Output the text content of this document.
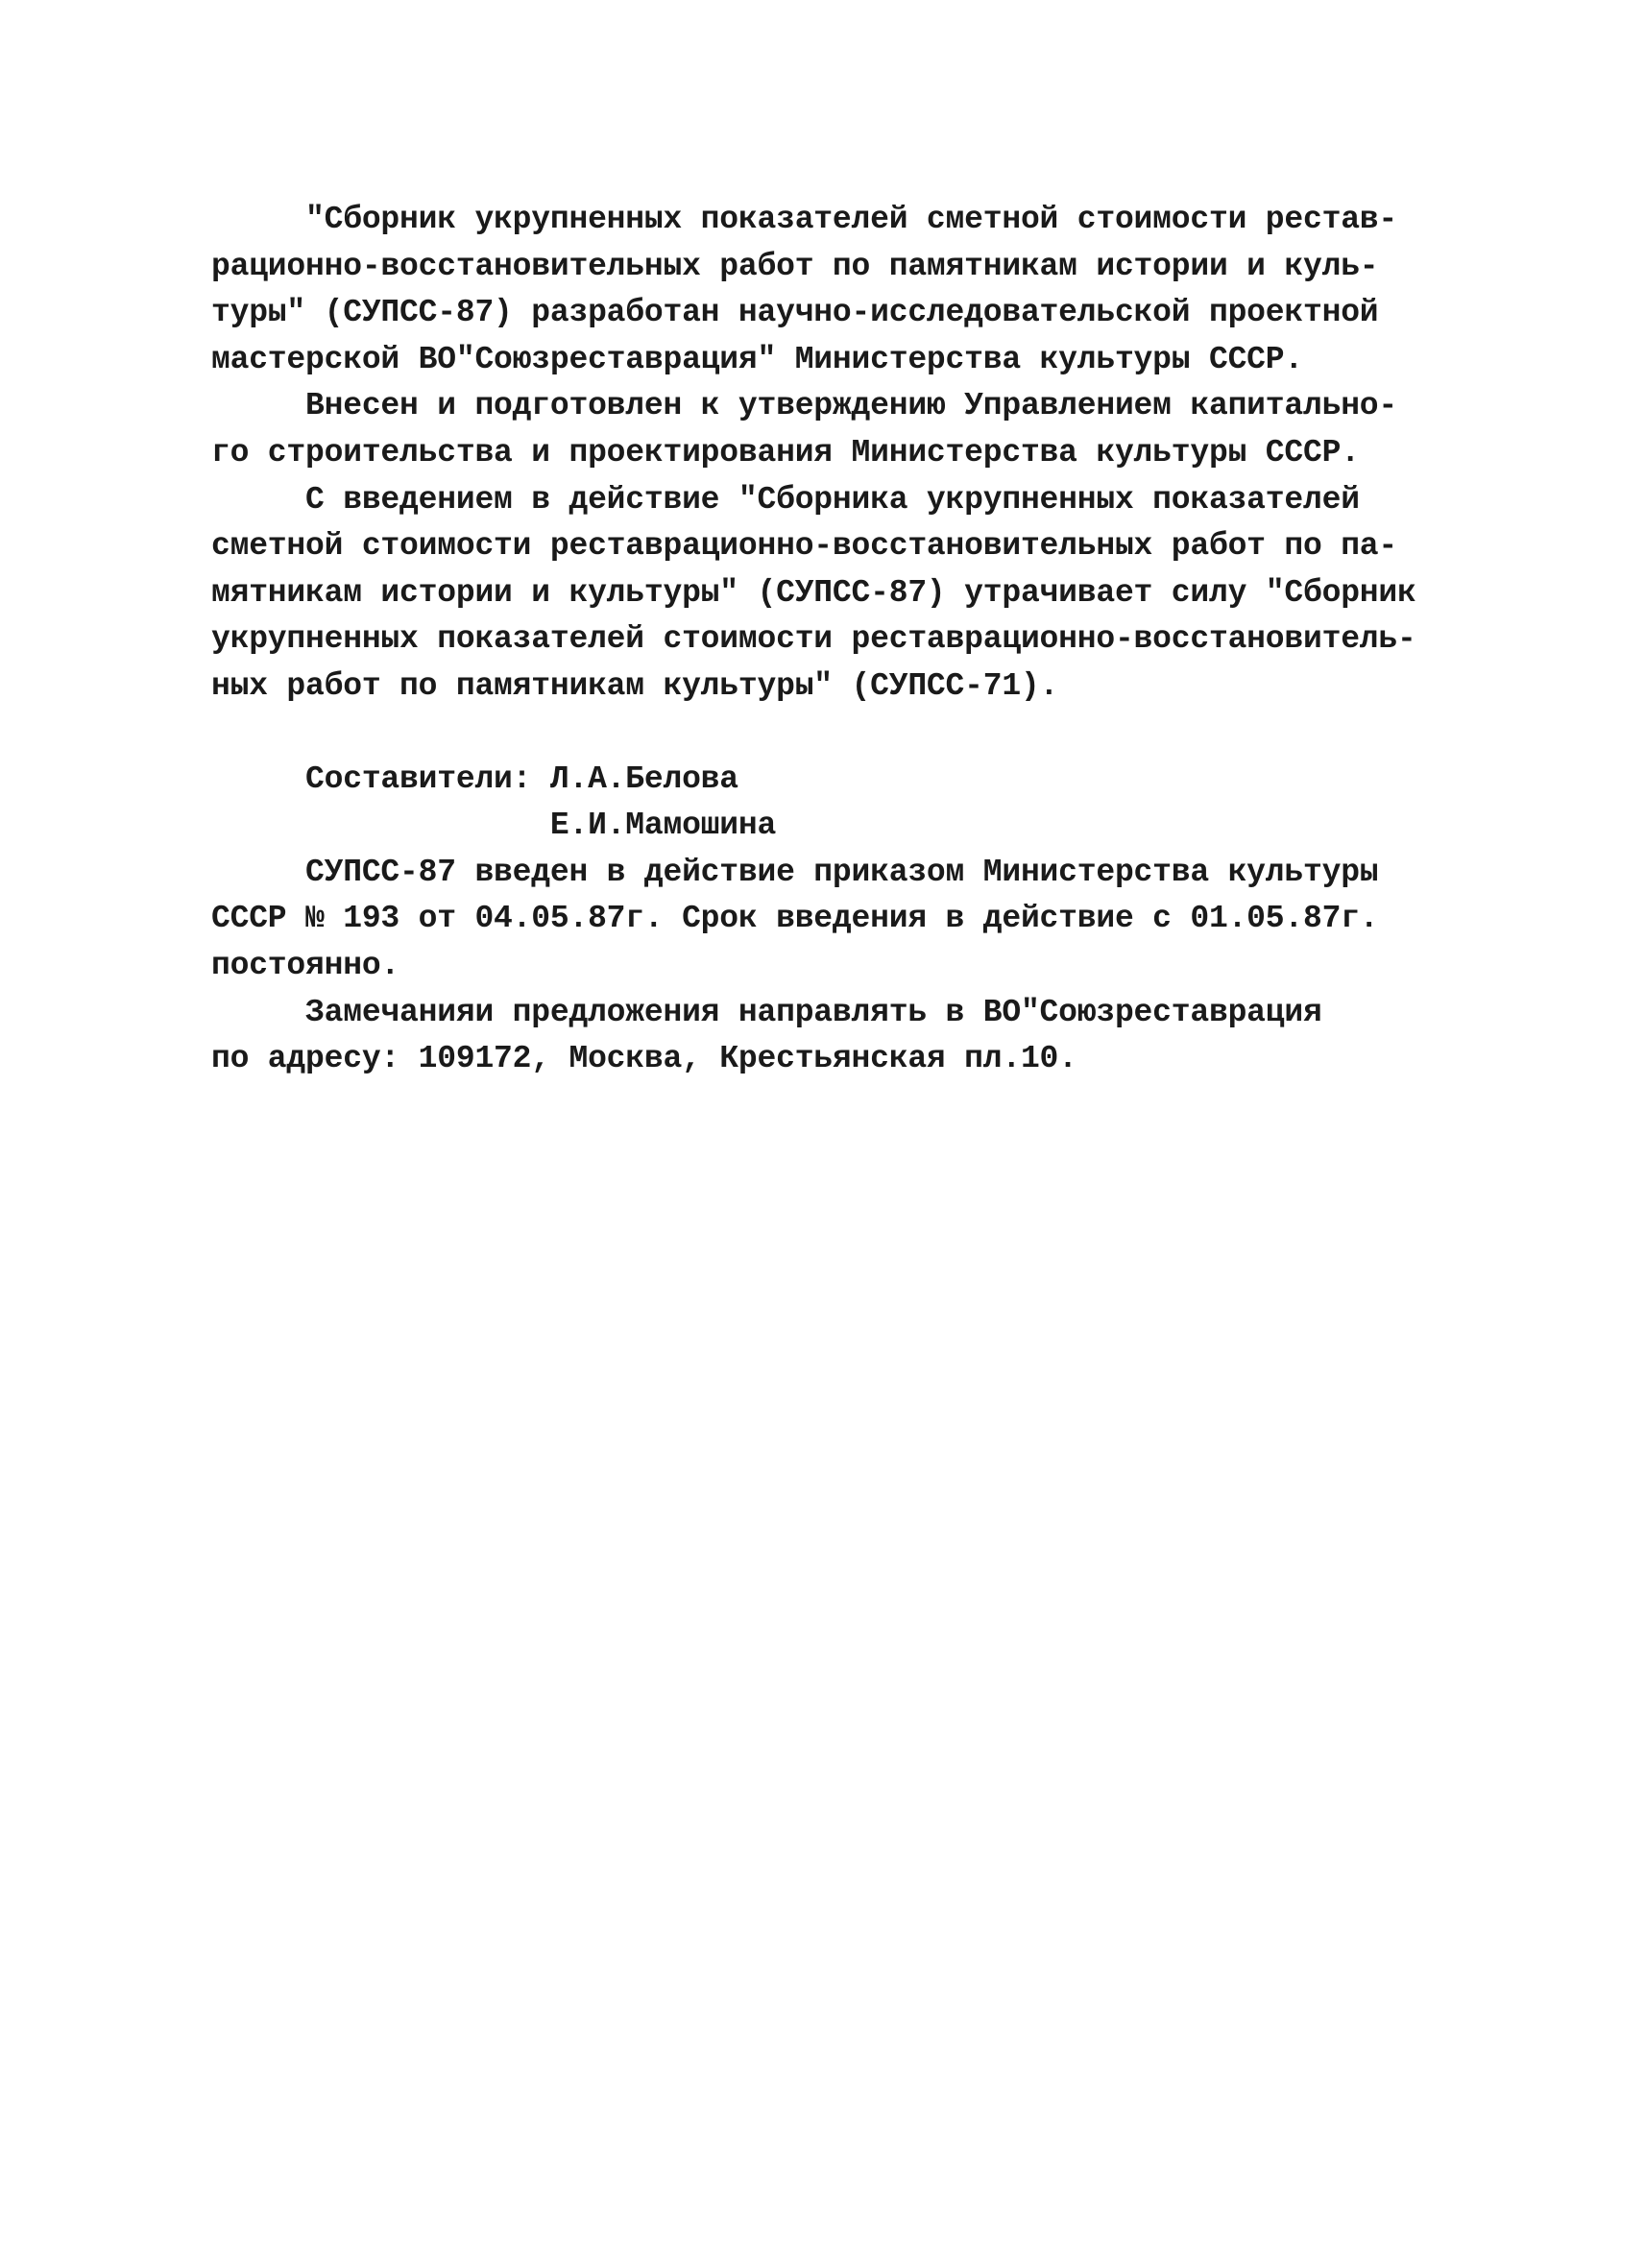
"Сборник укрупненных показателей сметной стоимости рестав-
рационно-восстановительных работ по памятникам истории и куль-
туры" (СУПСС-87) разработан научно-исследовательской проектной
мастерской ВО"Союзреставрация" Министерства культуры СССР.
Внесен и подготовлен к утверждению Управлением капитально-
го строительства и проектирования Министерства культуры СССР.
С введением в действие "Сборника укрупненных показателей
сметной стоимости реставрационно-восстановительных работ по па-
мятникам истории и культуры" (СУПСС-87) утрачивает силу "Сборник
укрупненных показателей стоимости реставрационно-восстановитель-
ных работ по памятникам культуры" (СУПСС-71).
Составители: Л.А.Белова
Е.И.Мамошина
СУПСС-87 введен в действие приказом Министерства культуры
СССР № 193 от 04.05.87г. Срок введения в действие с 01.05.87г.
постоянно.
Замечанияи предложения направлять в ВО"Союзреставрация
по адресу: 109172, Москва, Крестьянская пл.10.
